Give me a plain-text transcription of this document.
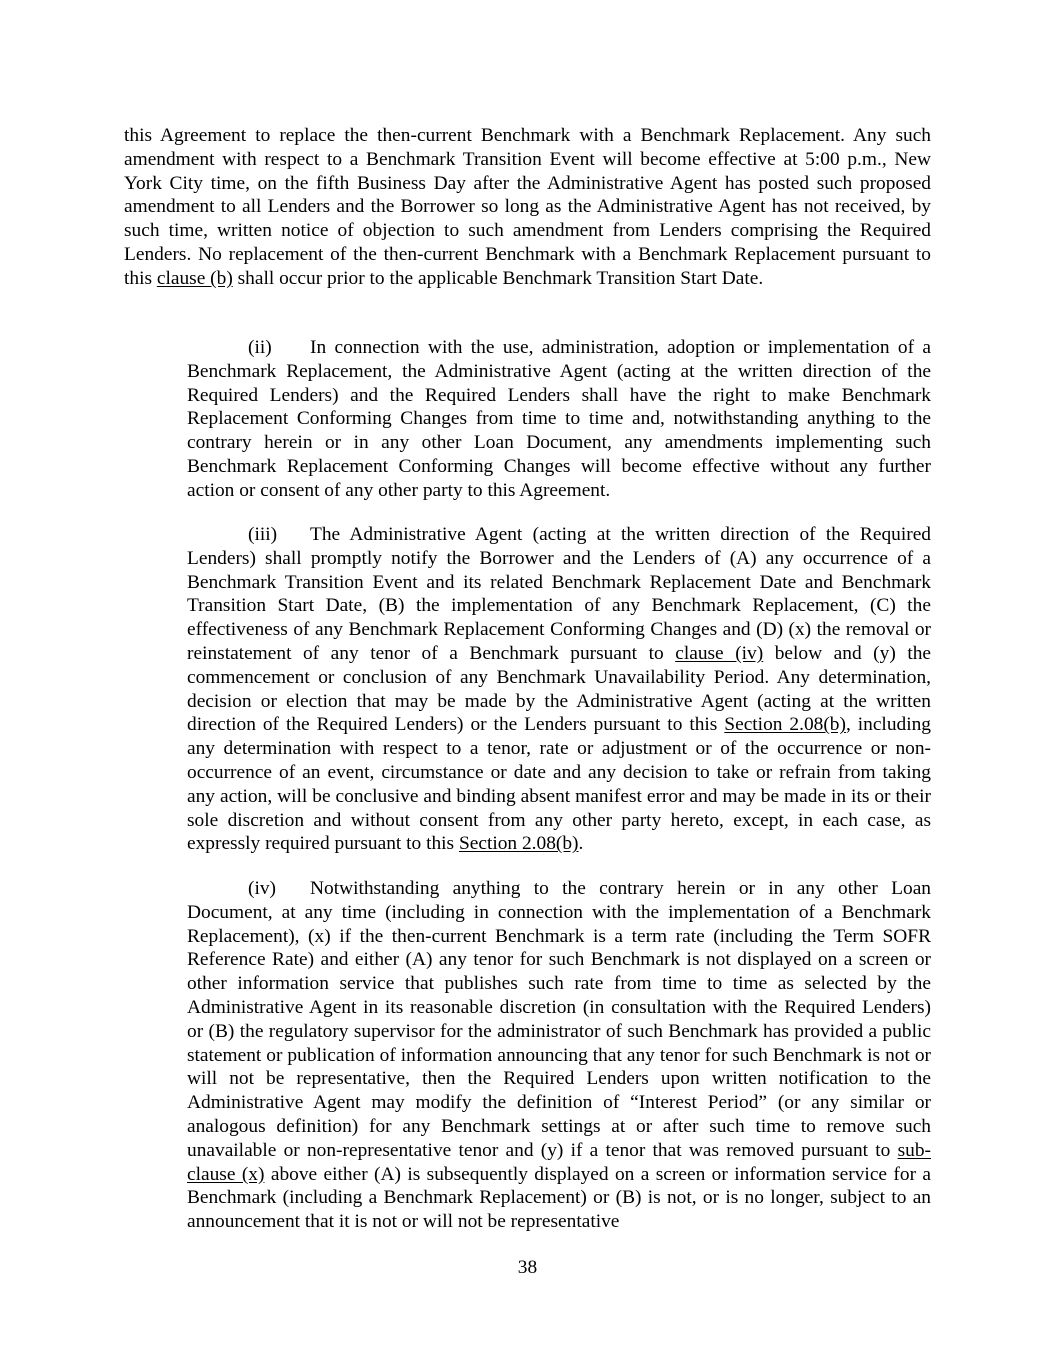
this Agreement to replace the then-current Benchmark with a Benchmark Replacement. Any such amendment with respect to a Benchmark Transition Event will become effective at 5:00 p.m., New York City time, on the fifth Business Day after the Administrative Agent has posted such proposed amendment to all Lenders and the Borrower so long as the Administrative Agent has not received, by such time, written notice of objection to such amendment from Lenders comprising the Required Lenders. No replacement of the then-current Benchmark with a Benchmark Replacement pursuant to this clause (b) shall occur prior to the applicable Benchmark Transition Start Date.

(ii) In connection with the use, administration, adoption or implementation of a Benchmark Replacement, the Administrative Agent (acting at the written direction of the Required Lenders) and the Required Lenders shall have the right to make Benchmark Replacement Conforming Changes from time to time and, notwithstanding anything to the contrary herein or in any other Loan Document, any amendments implementing such Benchmark Replacement Conforming Changes will become effective without any further action or consent of any other party to this Agreement.

(iii) The Administrative Agent (acting at the written direction of the Required Lenders) shall promptly notify the Borrower and the Lenders of (A) any occurrence of a Benchmark Transition Event and its related Benchmark Replacement Date and Benchmark Transition Start Date, (B) the implementation of any Benchmark Replacement, (C) the effectiveness of any Benchmark Replacement Conforming Changes and (D) (x) the removal or reinstatement of any tenor of a Benchmark pursuant to clause (iv) below and (y) the commencement or conclusion of any Benchmark Unavailability Period. Any determination, decision or election that may be made by the Administrative Agent (acting at the written direction of the Required Lenders) or the Lenders pursuant to this Section 2.08(b), including any determination with respect to a tenor, rate or adjustment or of the occurrence or non-occurrence of an event, circumstance or date and any decision to take or refrain from taking any action, will be conclusive and binding absent manifest error and may be made in its or their sole discretion and without consent from any other party hereto, except, in each case, as expressly required pursuant to this Section 2.08(b).

(iv) Notwithstanding anything to the contrary herein or in any other Loan Document, at any time (including in connection with the implementation of a Benchmark Replacement), (x) if the then-current Benchmark is a term rate (including the Term SOFR Reference Rate) and either (A) any tenor for such Benchmark is not displayed on a screen or other information service that publishes such rate from time to time as selected by the Administrative Agent in its reasonable discretion (in consultation with the Required Lenders) or (B) the regulatory supervisor for the administrator of such Benchmark has provided a public statement or publication of information announcing that any tenor for such Benchmark is not or will not be representative, then the Required Lenders upon written notification to the Administrative Agent may modify the definition of “Interest Period” (or any similar or analogous definition) for any Benchmark settings at or after such time to remove such unavailable or non-representative tenor and (y) if a tenor that was removed pursuant to sub-clause (x) above either (A) is subsequently displayed on a screen or information service for a Benchmark (including a Benchmark Replacement) or (B) is not, or is no longer, subject to an announcement that it is not or will not be representative

38
